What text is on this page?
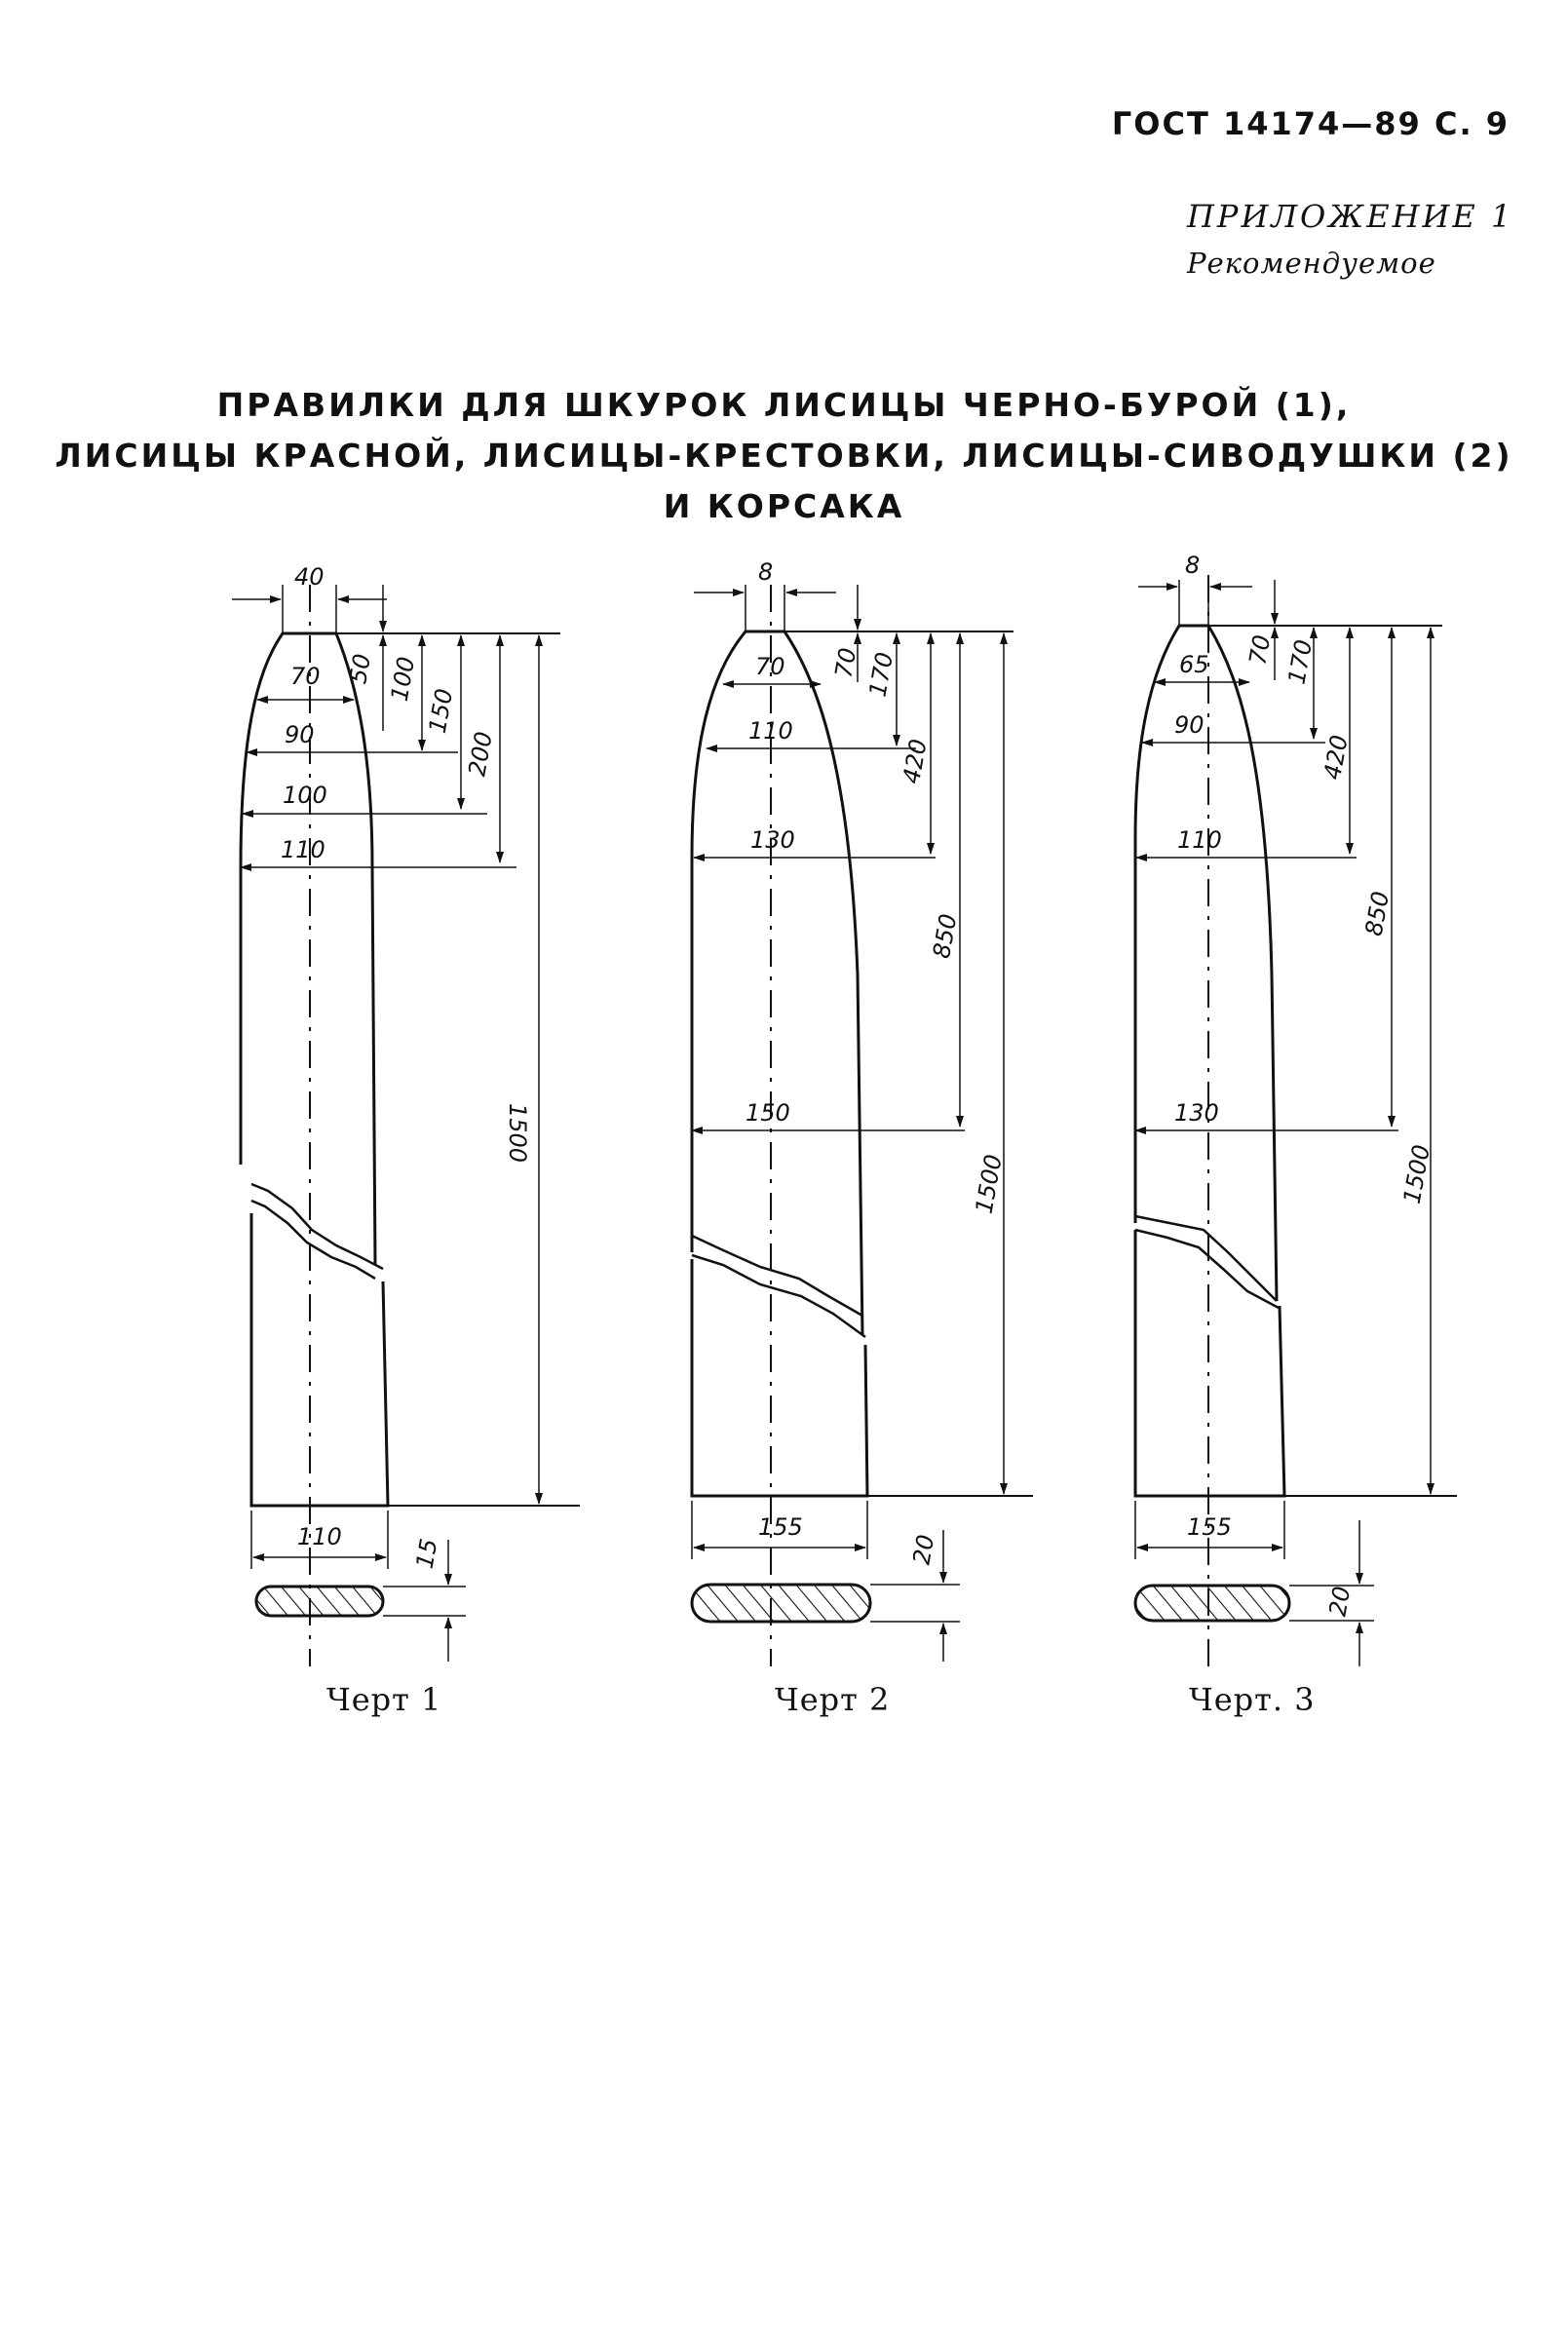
ГОСТ 14174—89 С. 9
ПРИЛОЖЕНИЕ 1
Рекомендуемое
ПРАВИЛКИ ДЛЯ ШКУРОК ЛИСИЦЫ ЧЕРНО-БУРОЙ (1),
ЛИСИЦЫ КРАСНОЙ, ЛИСИЦЫ-КРЕСТОВКИ, ЛИСИЦЫ-СИВОДУШКИ (2)
И КОРСАКА
40
70
90
100
110
50 100
150
200
1500
110	15
8
70
110
130
150
70 170
420
850
1500
155
20
8
65
90
110
130
70 170
420
850
1500
155
20
Черт 1	Черт 2	Черт. 3
